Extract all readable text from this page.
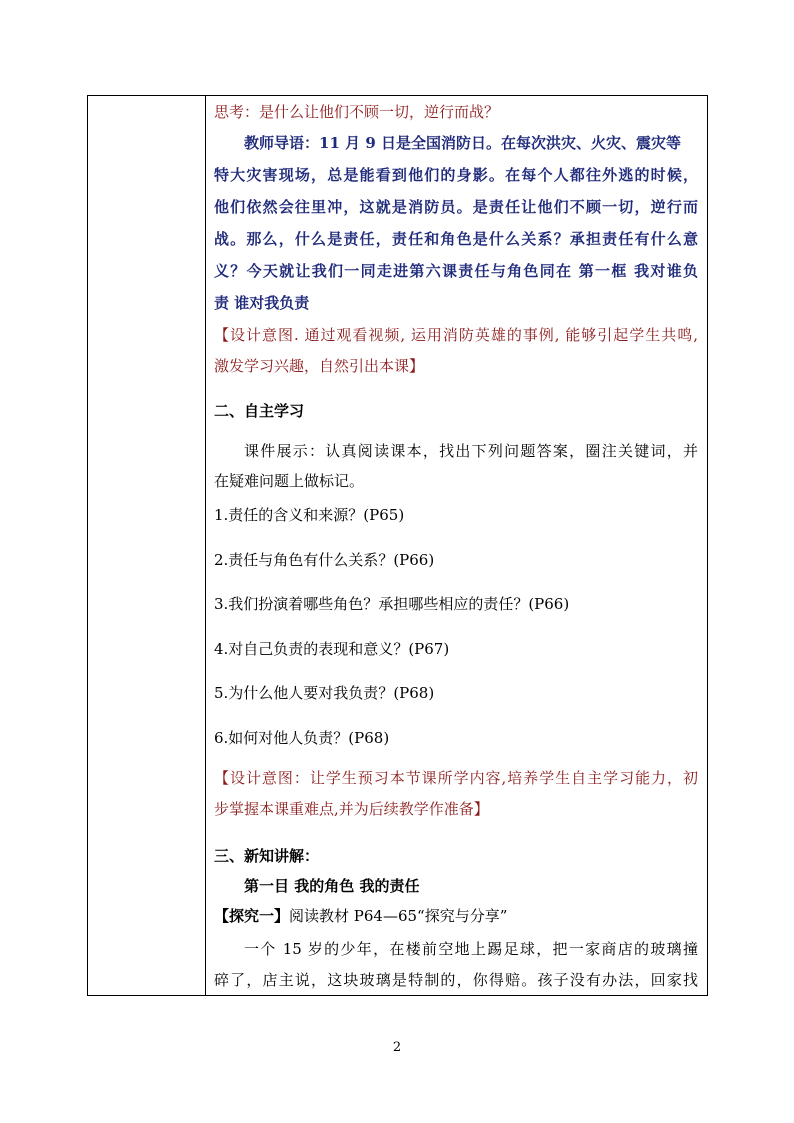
思考：是什么让他们不顾一切，逆行而战？
教师导语：11 月 9 日是全国消防日。在每次洪灾、火灾、震灾等
特大灾害现场，总是能看到他们的身影。在每个人都往外逃的时候，
他们依然会往里冲，这就是消防员。是责任让他们不顾一切，逆行而
战。那么，什么是责任，责任和角色是什么关系？承担责任有什么意
义？今天就让我们一同走进第六课责任与角色同在 第一框 我对谁负
责 谁对我负责
【设计意图. 通过观看视频, 运用消防英雄的事例, 能够引起学生共鸣,
激发学习兴趣，自然引出本课】
二、自主学习
课件展示：认真阅读课本，找出下列问题答案，圈注关键词，并
在疑难问题上做标记。
1.责任的含义和来源？(P65)
2.责任与角色有什么关系？(P66)
3.我们扮演着哪些角色？承担哪些相应的责任？(P66)
4.对自己负责的表现和意义？(P67)
5.为什么他人要对我负责？(P68)
6.如何对他人负责？(P68)
【设计意图：让学生预习本节课所学内容,培养学生自主学习能力，初
步掌握本课重难点,并为后续教学作准备】
三、新知讲解：
第一目 我的角色 我的责任
【探究一】阅读教材 P64—65“探究与分享”
一个 15 岁的少年，在楼前空地上踢足球，把一家商店的玻璃撞
碎了，店主说，这块玻璃是特制的，你得赔。孩子没有办法，回家找
2
